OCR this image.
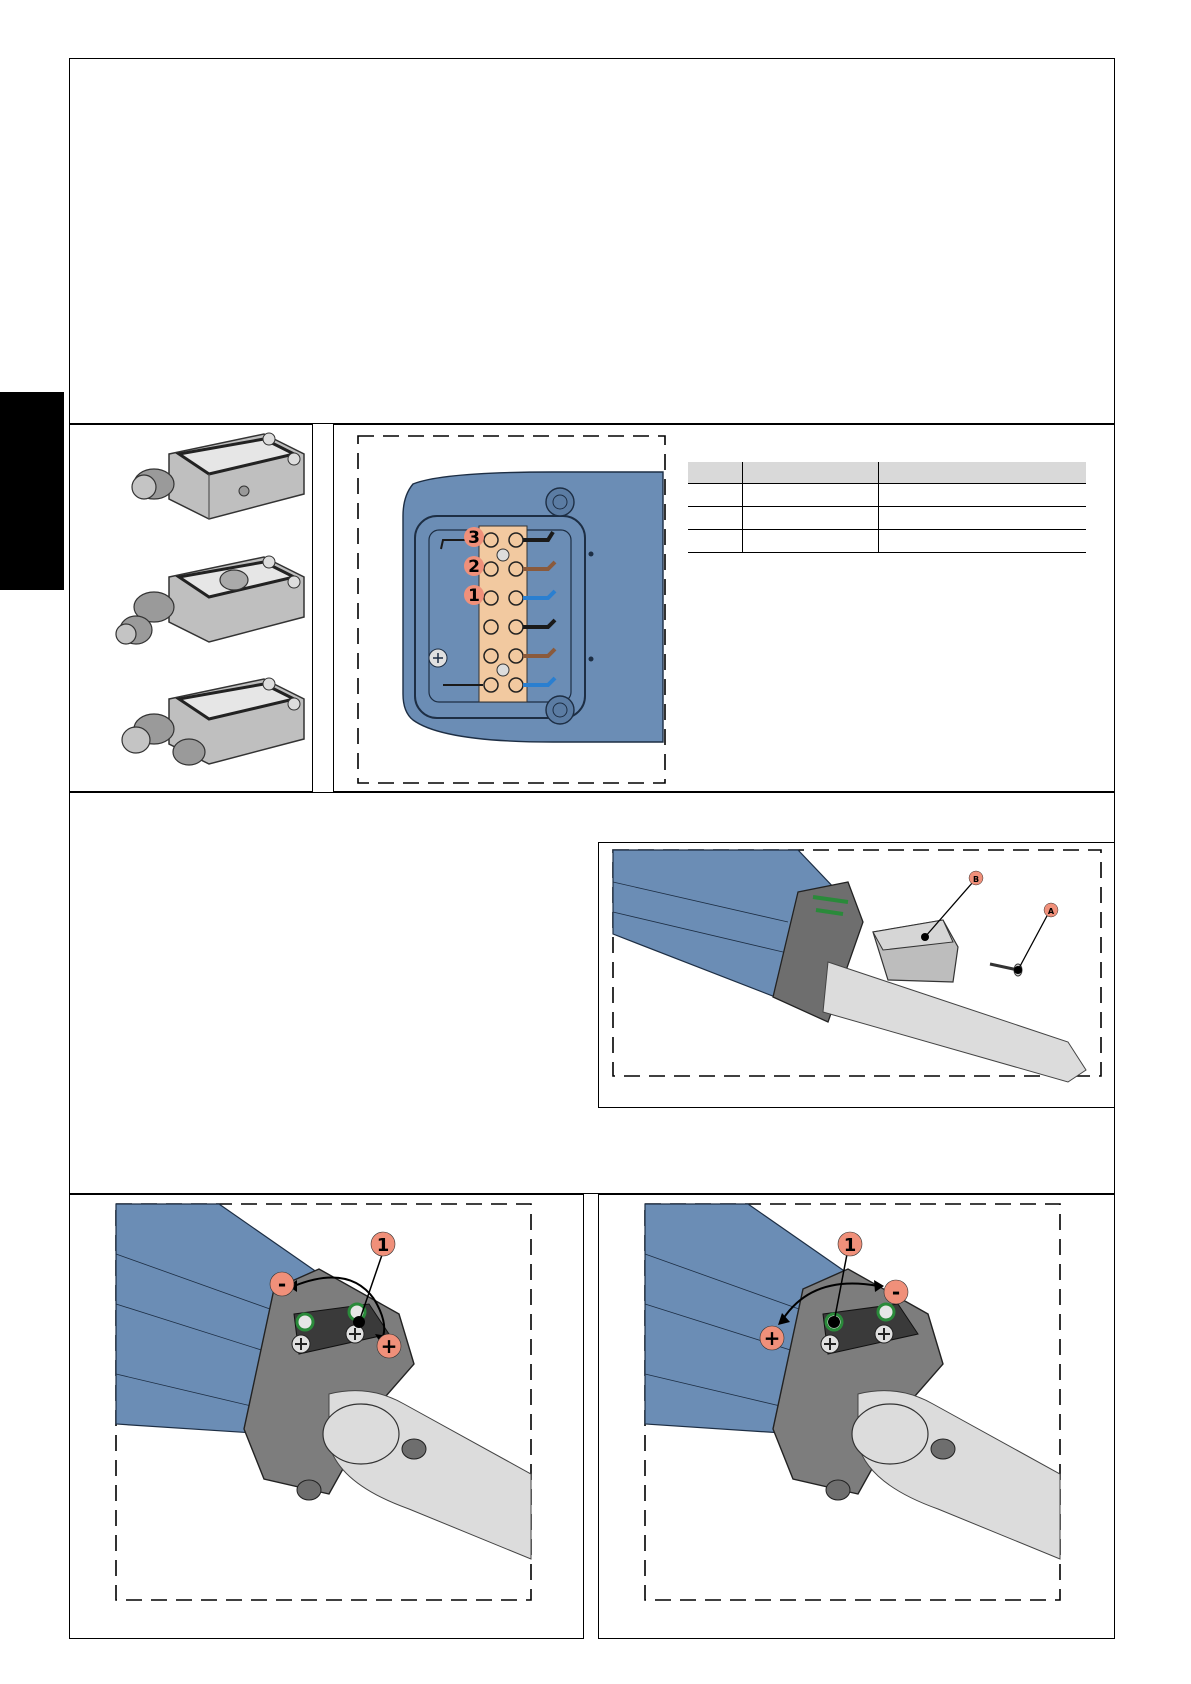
3
2
1

B
A
1
-
+
1
-
+
